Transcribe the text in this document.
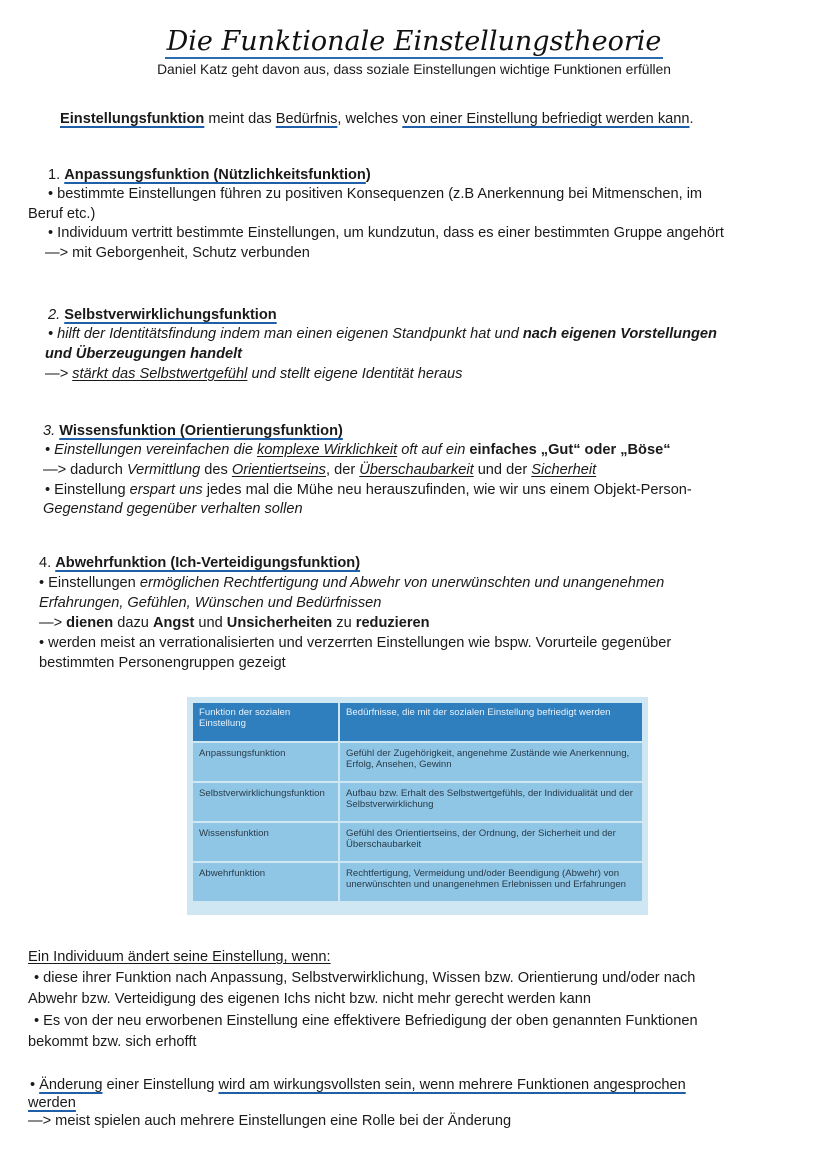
Die Funktionale Einstellungstheorie
Daniel Katz geht davon aus, dass soziale Einstellungen wichtige Funktionen erfüllen
Einstellungsfunktion meint das Bedürfnis, welches von einer Einstellung befriedigt werden kann.
1. Anpassungsfunktion (Nützlichkeitsfunktion)
• bestimmte Einstellungen führen zu positiven Konsequenzen (z.B Anerkennung bei Mitmenschen, im
Beruf etc.)
• Individuum vertritt bestimmte Einstellungen, um kundzutun, dass es einer bestimmten Gruppe angehört
—> mit Geborgenheit, Schutz verbunden
2. Selbstverwirklichungsfunktion
• hilft der Identitätsfindung indem man einen eigenen Standpunkt hat und nach eigenen Vorstellungen
und Überzeugungen handelt
—> stärkt das Selbstwertgefühl und stellt eigene Identität heraus
3. Wissensfunktion (Orientierungsfunktion)
• Einstellungen vereinfachen die komplexe Wirklichkeit oft auf ein einfaches „Gut“ oder „Böse“
—> dadurch Vermittlung des Orientiertseins, der Überschaubarkeit und der Sicherheit
• Einstellung erspart uns jedes mal die Mühe neu herauszufinden, wie wir uns einem Objekt-Person-
Gegenstand gegenüber verhalten sollen
4. Abwehrfunktion (Ich-Verteidigungsfunktion)
• Einstellungen ermöglichen Rechtfertigung und Abwehr von unerwünschten und unangenehmen
Erfahrungen, Gefühlen, Wünschen und Bedürfnissen
—> dienen dazu Angst und Unsicherheiten zu reduzieren
• werden meist an verrationalisierten und verzerrten Einstellungen wie bspw. Vorurteile gegenüber
bestimmten Personengruppen gezeigt
Ein Individuum ändert seine Einstellung, wenn:
• diese ihrer Funktion nach Anpassung, Selbstverwirklichung, Wissen bzw. Orientierung und/oder nach
Abwehr bzw. Verteidigung des eigenen Ichs nicht bzw. nicht mehr gerecht werden kann
• Es von der neu erworbenen Einstellung eine effektivere Befriedigung der oben genannten Funktionen
bekommt bzw. sich erhofft
• Änderung einer Einstellung wird am wirkungsvollsten sein, wenn mehrere Funktionen angesprochen
werden
—> meist spielen auch mehrere Einstellungen eine Rolle bei der Änderung
Funktion der sozialen Einstellung	Bedürfnisse, die mit der sozialen Einstellung befriedigt werden
Anpassungsfunktion	Gefühl der Zugehörigkeit, angenehme Zustände wie Anerkennung, Erfolg, Ansehen, Gewinn
Selbstverwirklichungsfunktion	Aufbau bzw. Erhalt des Selbstwertgefühls, der Individualität und der Selbstverwirklichung
Wissensfunktion	Gefühl des Orientiertseins, der Ordnung, der Sicherheit und der Überschaubarkeit
Abwehrfunktion	Rechtfertigung, Vermeidung und/oder Beendigung (Abwehr) von unerwünschten und unangenehmen Erlebnissen und Erfahrungen
